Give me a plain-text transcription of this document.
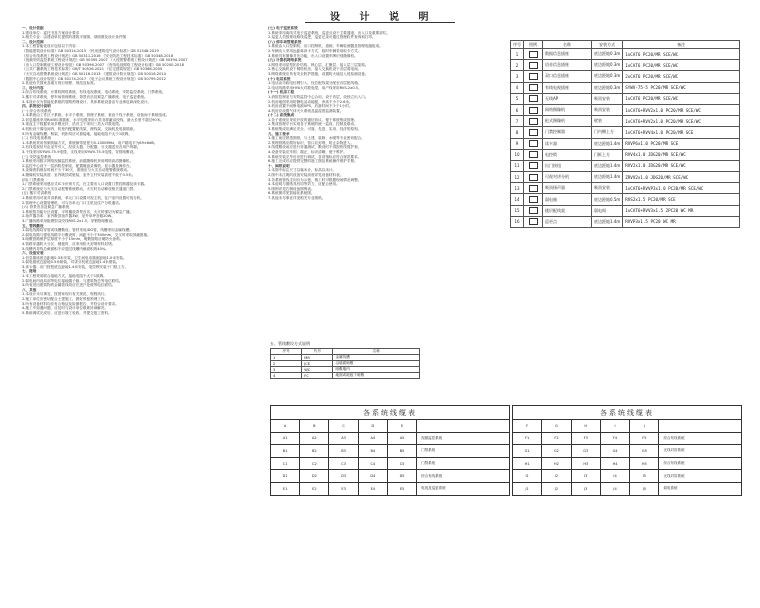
设 计 说 明
一、设计依据
1.建设单位：委托书及方案设计要求
2.相关专业：由建设单位提供的建筑平面图、剖面图及设计条件图
二、设计范围
1.本工程智能化设计包括以下内容：
《智能建筑设计标准》GB 50314-2015 《民用建筑电气设计标准》GB 51348-2019
《综合布线系统工程设计规范》GB 50311-2016 《安全防范工程技术标准》GB 50348-2018
《视频安防监控系统工程设计规范》GB 50395-2007 《入侵报警系统工程设计规范》GB 50394-2007
《出入口控制系统工程设计规范》GB 50396-2007 《有线电视网络工程设计标准》GB 50200-2018
《公共广播系统工程技术标准》GB/T 50526-2021 《住宅建筑规范》GB 50368-2005
《火灾自动报警系统设计规范》GB 50116-2013 《建筑设计防火规范》GB 50016-2014
《数据中心设计规范》GB 50174-2017 《电子会议系统工程设计规范》GB 50799-2012
2.其他有关国家及地方现行规程、规范及标准。
三、设计内容
1.综合布线系统、计算机网络系统、有线电视系统、电话系统、安防监控系统、门禁系统。
2.楼宇对讲系统、停车场管理系统、背景音乐及紧急广播系统、电子巡更系统。
3.本设计仅为智能化系统的管路预埋设计，具体系统设备由专业承包商深化设计。
四、系统设计说明
(一) 综合布线系统
1.本系统由工作区子系统、水平子系统、管理子系统、垂直干线子系统、设备间子系统组成。
2.信息插座采用RJ45标准插座，水平电缆采用六类非屏蔽双绞线，最大长度不超过90米。
3.垂直主干数据采用多模光纤，语音主干采用三类大对数电缆。
4.机柜设于弱电间内，机柜内配置配线架、理线架、交换机及电源插座。
5.所有金属线槽、桥架、机柜均应可靠接地，接地电阻不大于1欧姆。
(二) 有线电视系统
1.本系统采用邻频传输方式，系统频带宽度为5-1000MHz，用户端电平为69±6dB。
2.有线电视信号由室外引入，经放大器、分配器、分支器送至各用户终端。
3.干线采用SYWV-75-9电缆，支线采用SYWV-75-5电缆，穿管暗敷设。
(三) 安防监控系统
1.系统采用数字网络视频监控系统，前端摄像机采用网络高清摄像机。
2.监控中心设于一层消防控制室，配置硬盘录像机、显示器及操作台。
3.录像资料保存时间不少于30天，系统应与火灾自动报警系统联动。
4.摄像机安装高度：室内吸顶或壁装，室外立杆安装高度不低于3.5米。
(四) 门禁系统
1.门禁系统采用感应式IC卡识别方式，在主要出入口设置门禁控制器及读卡器。
2.门禁系统应与火灾自动报警系统联动，火灾时自动释放相关通道门禁。
(五) 楼宇对讲系统
1.系统采用可视对讲系统，单元门口设置可视主机，住户室内设置可视分机。
2.管理中心设置管理机，可与各单元门口主机及住户分机通话。
(六) 背景音乐及紧急广播系统
1.系统按功能分区设置，平时播放背景音乐，火灾时强切为紧急广播。
2.扬声器功率：室内吸顶扬声器3W，室外草坪音箱20W。
3.广播线路采用阻燃型双绞线RVS-2x1.5，穿钢管暗敷设。
五、管线敷设
1.弱电线路均穿管或线槽敷设，管材采用JDG管，线槽采用金属线槽。
2.弱电线路与强电线路平行敷设时，间距不小于300mm，交叉时采取屏蔽措施。
3.暗敷管路保护层厚度不小于15mm，明敷管路应刷防火涂料。
4.管路穿越防火分区、楼板时，应采用防火封堵材料封堵。
5.线槽内导线总截面积不应超过线槽内截面积的40%。
六、设备安装
1.信息插座底边距地0.3米安装，卫生间电话插座距地1.0米安装。
2.弱电箱底边距地0.5米暗装，对讲分机底边距地1.4米壁装。
3.读卡器、出门按钮底边距地1.4米安装，电控锁安装于门框上方。
七、接地
1.本工程采用联合接地方式，接地电阻不大于1欧姆。
2.弱电间内设局部等电位接地端子箱，与建筑物总等电位联结。
3.所有进出建筑物的金属管线均应在进户处做等电位联结。
八、其他
1.本设计未尽事宜，按国家现行有关规范、规程执行。
2.施工单位应密切配合土建施工，做好预留预埋工作。
3.所有设备材料均应有合格证及检测报告，并符合设计要求。
4.施工中如遇问题，应及时与设计单位联系协商解决。
5.系统调试完成后，应进行竣工验收，并提交竣工资料。
(七) 电子巡更系统
1.系统采用离线式电子巡更系统，巡更点设于主要通道、出入口及重要部位。
2.巡更人员按预设路线巡逻，巡更记录可通过管理软件查询和打印。
(八) 停车场管理系统
1.系统由入口控制机、出口控制机、道闸、车辆检测器及管理电脑组成。
2.车辆出入采用远距离读卡方式，临时车辆采用取卡方式。
3.系统具有图像对比功能，出入口设置车牌识别摄像机。
(九) 计算机网络系统
1.网络采用星型拓扑结构，核心层、汇聚层、接入层三层架构。
2.核心交换机设于网络机房，接入交换机设于各层弱电间。
3.网络系统应具有安全防护措施，设置防火墙及入侵检测设备。
(十) 电话系统
1.电话由市政电信网引入，经总配线架分配至各层配线箱。
2.电话线路采用HYA大对数电缆，用户线采用RVS-2x0.5。
(十一) 机房工程
1.消防控制室与安防监控中心合用，设于首层，设独立出入口。
2.机房地面采用防静电活动地板，净高不小于2.6米。
3.机房设置不间断电源UPS，后备时间不少于1小时。
4.机房应设置气体灭火系统及温湿度监测装置。
(十二) 系统集成
1.各子系统应采用开放的通信协议，便于系统集成管理。
2.集成管理平台实现各子系统的统一监视、控制及联动。
3.系统集成应满足安全、可靠、先进、实用、经济的原则。
九、施工要求
1.施工前应熟悉图纸，与土建、装修、水暖等专业密切配合。
2.预埋管路应做好标识，管口应封堵，防止杂物进入。
3.线缆敷设前应进行导通测试，敷设时不得损伤线缆护套。
4.设备安装应牢固、端正，标识清晰，便于维护。
5.系统安装完毕后应进行调试，各项指标应符合规范要求。
6.施工完成后应提供完整的竣工图及系统操作维护手册。
十、图纸说明
1.本图中标注尺寸以毫米计，标高以米计。
2.图中未注明的设备安装高度详见设备材料表。
3.各系统管线走向仅为示意，施工时可根据现场情况调整。
4.本说明与图纸具有同等效力，应配合使用。
5.图例详见右侧设备图例表。
6.系统图详见智能化系统图。
7.其他未尽事宜详见相关专业图纸。
序号	图例	名称	安装方式	备注
1		数据信息插座	底边距地0.3m	1xCAT6 PC20/MR SCE/WC
2		语音信息插座	底边距地0.3m	1xCAT6 PC20/MR SCE/WC
3		双口信息插座	底边距地0.3m	2xCAT6 PC20/MR SCE/WC
4		有线电视插座	底边距地0.3m	SYWV-75-5 PC20/MR SCE/WC
5		无线AP	吸顶安装	1xCAT6 PC20/MR SCE/WC
6		网络摄像机	吸顶安装	1xCAT6+RVV2x1.0 PC20/MR SCE/WC
7		枪式摄像机	壁装	1xCAT6+RVV2x1.0 PC20/MR SCE/WC
8		门禁控制器	门内侧上方	1xCAT6+RVV4x1.0 PC20/MR SCE
9		读卡器	底边距地1.4m	RVVP6x1.0 PC20/MR SCE
10		电控锁	门框上方	RVV4x1.0 JDG20/MR SCE/WC
11		出门按钮	底边距地1.4m	RVV2x1.0 JDG20/MR SCE/WC
12		可视对讲分机	底边距地1.4m	ZRVV2x1.0 JDG20/MR SCE/WC
13		吸顶扬声器	吸顶安装	1xCAT6+RVVP3x1.0 PC20/MR SCE/WC
14		弱电箱	底边距地0.5m	RVS2x1.5 PC20/MR SCE
15		楼层配线架	弱电间	1xCAT6+RVV3x1.5 2PC20 WC MR
16		巡更点	底边距地1.4m	RVVP3x1.5 PC20 WC MR
五、管线敷设方式说明
序号	代号	名称
1	MR	金属线槽
2	JCE	沿墙面暗敷
3	WC	暗敷墙内
4	FC	地面或地板下暗敷
各系统线缆表					
A	B	C	D	E	
A1	A2	A3	A4	A5	视频监控系统
B1	B2	B3	B4	B5	门禁系统
C1	C2	C3	C4	C5	门禁系统
D1	D2	D3	D4	D5	综合布线系统
E1	E2	E3	E4	E5	电视及巡更系统
各系统线缆表					
F	G	H	I	J	
F1	F2	F3	F4	F5	综合布线系统
G1	G2	G3	G4	G5	无线对讲系统
H1	H2	H3	H4	H5	综合布线系统
I1	I2	I3	I4	I5	无线对讲系统
J1	J2	J3	J4	J5	弱电系统
